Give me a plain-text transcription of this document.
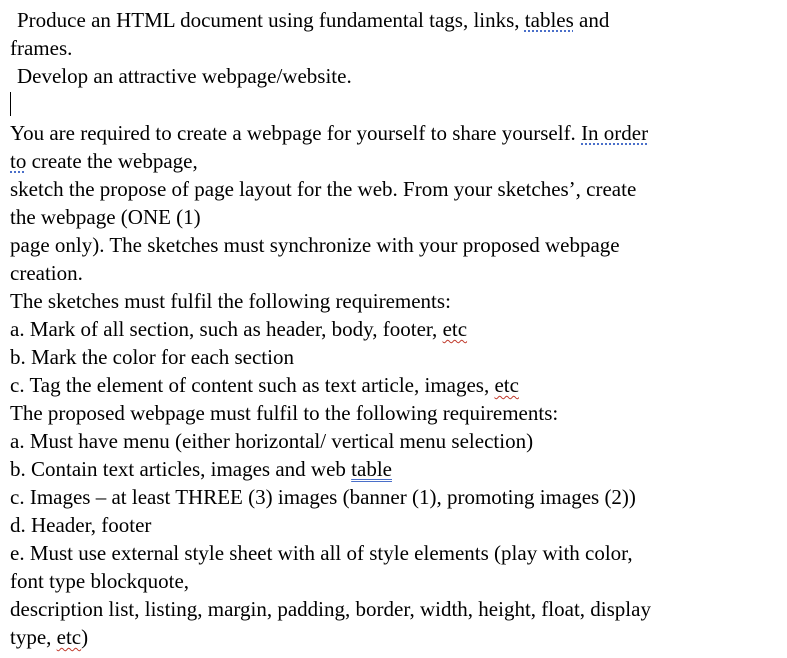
Produce an HTML document using fundamental tags, links, tables and

frames.

Develop an attractive webpage/website.

You are required to create a webpage for yourself to share yourself. In order

to create the webpage,

sketch the propose of page layout for the web. From your sketches’, create

the webpage (ONE (1)

page only). The sketches must synchronize with your proposed webpage

creation.

The sketches must fulfil the following requirements:

a. Mark of all section, such as header, body, footer, etc

b. Mark the color for each section

c. Tag the element of content such as text article, images, etc

The proposed webpage must fulfil to the following requirements:

a. Must have menu (either horizontal/ vertical menu selection)

b. Contain text articles, images and web table

c. Images – at least THREE (3) images (banner (1), promoting images (2))

d. Header, footer

e. Must use external style sheet with all of style elements (play with color,

font type blockquote,

description list, listing, margin, padding, border, width, height, float, display

type, etc)
